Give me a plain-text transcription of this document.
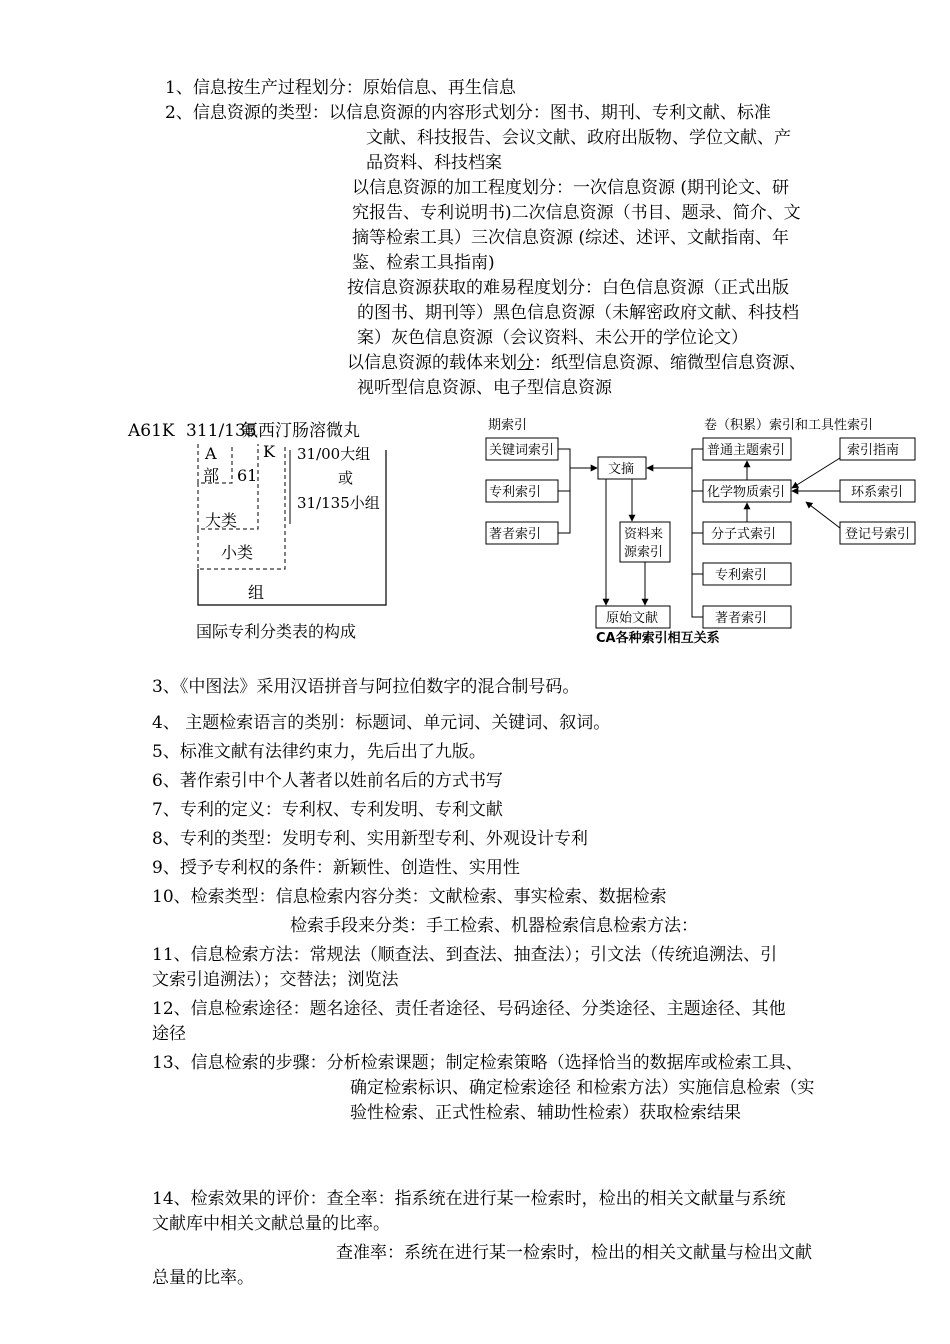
1、信息按生产过程划分：原始信息、再生信息
2、信息资源的类型：以信息资源的内容形式划分：图书、期刊、专利文献、标准
文献、科技报告、会议文献、政府出版物、学位文献、产
品资料、科技档案
以信息资源的加工程度划分：一次信息资源 (期刊论文、研
究报告、专利说明书)二次信息资源（书目、题录、简介、文
摘等检索工具）三次信息资源 (综述、述评、文献指南、年
鉴、检索工具指南)
按信息资源获取的难易程度划分：白色信息资源（正式出版
的图书、期刊等）黑色信息资源（未解密政府文献、科技档
案）灰色信息资源（会议资料、未公开的学位论文）
以信息资源的载体来划分：纸型信息资源、缩微型信息资源、
视听型信息资源、电子型信息资源
A61K 311/135
氟西汀肠溶微丸
A
部 61
大类
K
小类
31/00大组
或
31/135小组
组
国际专利分类表的构成
期索引	卷（积累）索引和工具性索引
关键词索引
专利索引
著者索引
文摘
资料来
源索引
原始文献
普通主题索引
化学物质索引
分子式索引
专利索引
著者索引
索引指南
环系索引
登记号索引
CA各种索引相互关系
3、《中图法》采用汉语拼音与阿拉伯数字的混合制号码。
4、 主题检索语言的类别：标题词、单元词、关键词、叙词。
5、标准文献有法律约束力，先后出了九版。
6、著作索引中个人著者以姓前名后的方式书写
7、专利的定义：专利权、专利发明、专利文献
8、专利的类型：发明专利、实用新型专利、外观设计专利
9、授予专利权的条件：新颖性、创造性、实用性
10、检索类型：信息检索内容分类：文献检索、事实检索、数据检索
检索手段来分类：手工检索、机器检索信息检索方法：
11、信息检索方法：常规法（顺查法、到查法、抽查法）；引文法（传统追溯法、引
文索引追溯法）；交替法；浏览法
12、信息检索途径：题名途径、责任者途径、号码途径、分类途径、主题途径、其他
途径
13、信息检索的步骤：分析检索课题；制定检索策略（选择恰当的数据库或检索工具、
确定检索标识、确定检索途径 和检索方法）实施信息检索（实
验性检索、正式性检索、辅助性检索）获取检索结果
14、检索效果的评价：查全率：指系统在进行某一检索时，检出的相关文献量与系统
文献库中相关文献总量的比率。
查准率：系统在进行某一检索时，检出的相关文献量与检出文献
总量的比率。
